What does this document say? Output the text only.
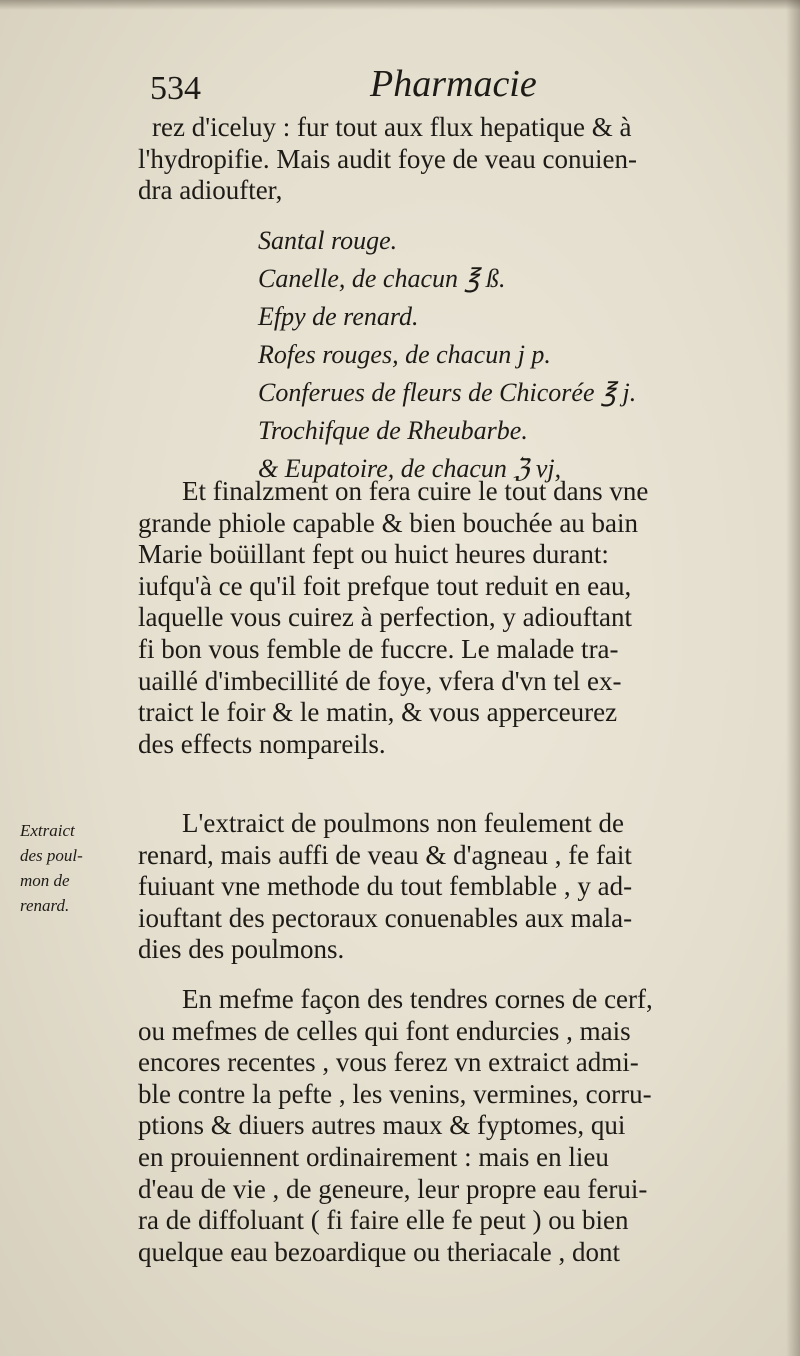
534	Pharmacie
rez d'iceluy : fur tout aux flux hepatique & à
l'hydropifie. Mais audit foye de veau conuien-
dra adioufter,
Santal rouge.
Canelle, de chacun ℥ ß.
Efpy de renard.
Rofes rouges, de chacun j p.
Conferues de fleurs de Chicorée ℥ j.
Trochifque de Rheubarbe.
& Eupatoire, de chacun ℨ vj,
Et finalzment on fera cuire le tout dans vne
grande phiole capable & bien bouchée au bain
Marie boüillant fept ou huict heures durant:
iufqu'à ce qu'il foit prefque tout reduit en eau,
laquelle vous cuirez à perfection, y adiouftant
fi bon vous femble de fuccre. Le malade tra-
uaillé d'imbecillité de foye, vfera d'vn tel ex-
traict le foir & le matin, & vous apperceurez
des effects nompareils.
Extraict
des poul-
mon de
renard.
L'extraict de poulmons non feulement de
renard, mais auffi de veau & d'agneau , fe fait
fuiuant vne methode du tout femblable , y ad-
iouftant des pectoraux conuenables aux mala-
dies des poulmons.
En mefme façon des tendres cornes de cerf,
ou mefmes de celles qui font endurcies , mais
encores recentes , vous ferez vn extraict admi-
ble contre la pefte , les venins, vermines, corru-
ptions & diuers autres maux & fyptomes, qui
en prouiennent ordinairement : mais en lieu
d'eau de vie , de geneure, leur propre eau ferui-
ra de diffoluant ( fi faire elle fe peut ) ou bien
quelque eau bezoardique ou theriacale , dont
